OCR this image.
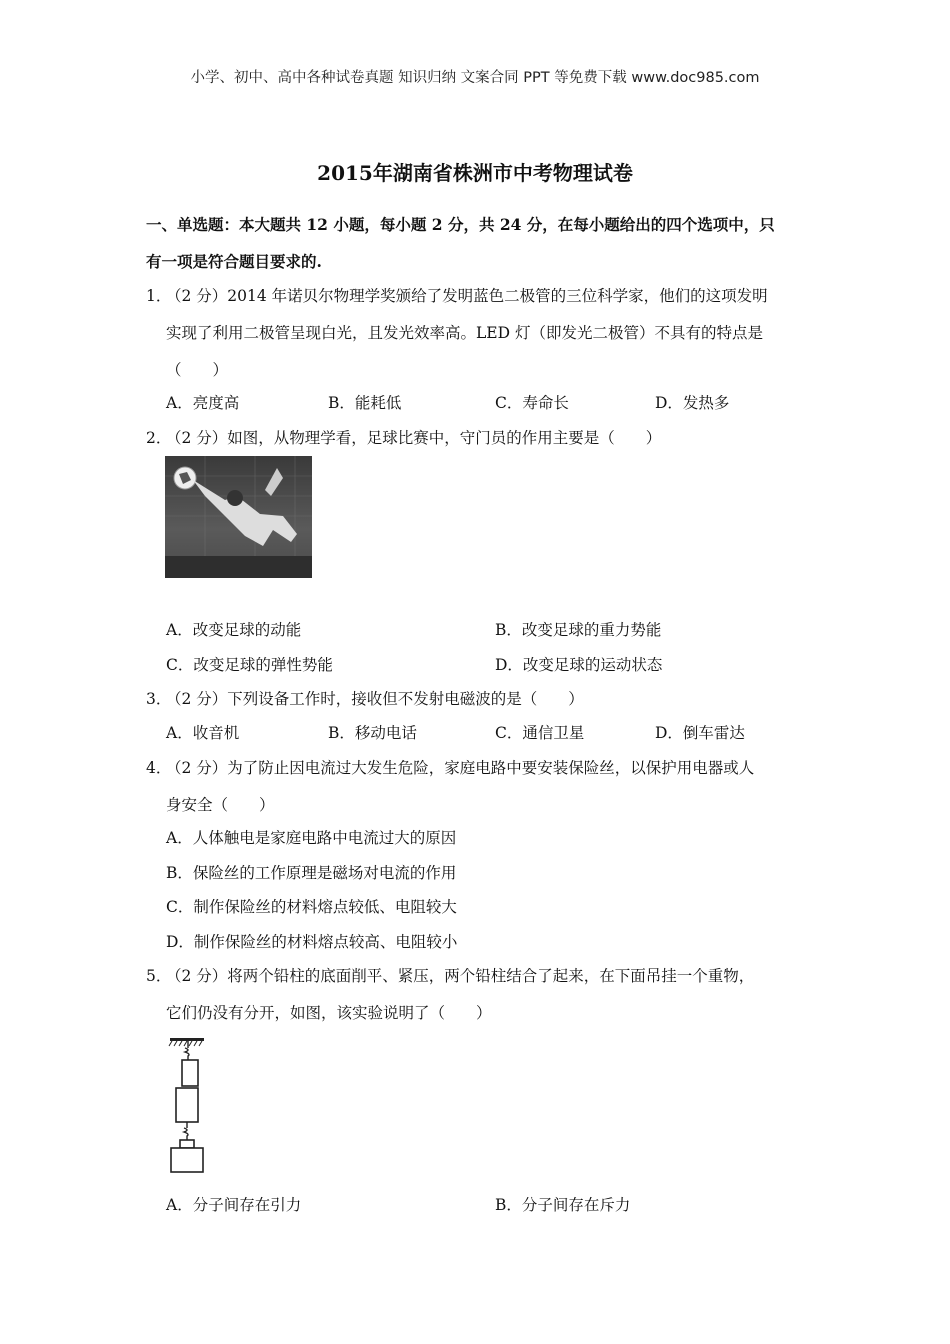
小学、初中、高中各种试卷真题 知识归纳 文案合同 PPT 等免费下载 www.doc985.com
2015年湖南省株洲市中考物理试卷
一、单选题：本大题共 12 小题，每小题 2 分，共 24 分，在每小题给出的四个选项中，只
有一项是符合题目要求的.
1．
（2 分）2014 年诺贝尔物理学奖颁给了发明蓝色二极管的三位科学家，他们的这项发明
实现了利用二极管呈现白光，且发光效率高。LED 灯（即发光二极管）不具有的特点是
（　　）
A．亮度高	B．能耗低	C．寿命长	D．发热多
2．
（2 分）如图，从物理学看，足球比赛中，守门员的作用主要是（　　）
A．改变足球的动能	B．改变足球的重力势能
C．改变足球的弹性势能	D．改变足球的运动状态
3．
（2 分）下列设备工作时，接收但不发射电磁波的是（　　）
A．收音机	B．移动电话	C．通信卫星	D．倒车雷达
4．
（2 分）为了防止因电流过大发生危险，家庭电路中要安装保险丝，以保护用电器或人
身安全（　　）
A．人体触电是家庭电路中电流过大的原因
B．保险丝的工作原理是磁场对电流的作用
C．制作保险丝的材料熔点较低、电阻较大
D．制作保险丝的材料熔点较高、电阻较小
5．
（2 分）将两个铅柱的底面削平、紧压，两个铅柱结合了起来，在下面吊挂一个重物，
它们仍没有分开，如图，该实验说明了（　　）
A．分子间存在引力	B．分子间存在斥力
